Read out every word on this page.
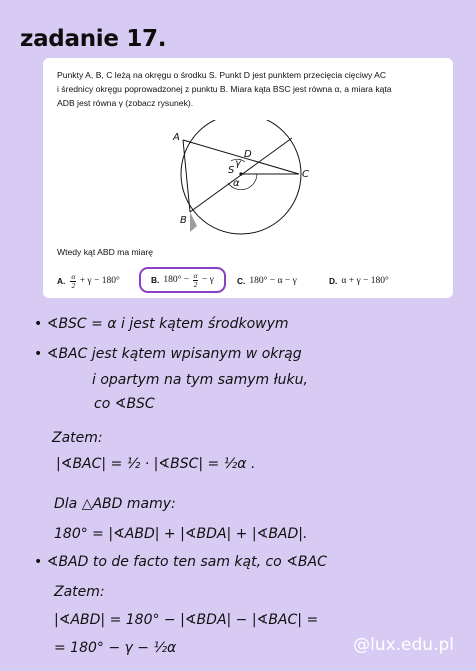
zadanie 17.
Punkty A, B, C leżą na okręgu o środku S. Punkt D jest punktem przecięcia cięciwy AC
i średnicy okręgu poprowadzonej z punktu B. Miara kąta BSC jest równa α, a miara kąta
ADB jest równa γ (zobacz rysunek).
A
B
C
D
S
α
γ
Wtedy kąt ABD ma miarę
A. $\frac{\alpha}{2} + \gamma - 180^\circ$	B. $180^\circ - \frac{\alpha}{2} - \gamma$	C. 180° − α − γ	D. α + γ − 180°
• ∢BSC = α i jest kątem środkowym
• ∢BAC jest kątem wpisanym w okrąg
i opartym na tym samym łuku,
co ∢BSC
Zatem:
|∢BAC| = ½ · |∢BSC| = ½α .
Dla △ABD mamy:
180° = |∢ABD| + |∢BDA| + |∢BAD|.
• ∢BAD to de facto ten sam kąt, co ∢BAC
Zatem:
|∢ABD| = 180° − |∢BDA| − |∢BAC| =
= 180° − γ − ½α	@lux.edu.pl
